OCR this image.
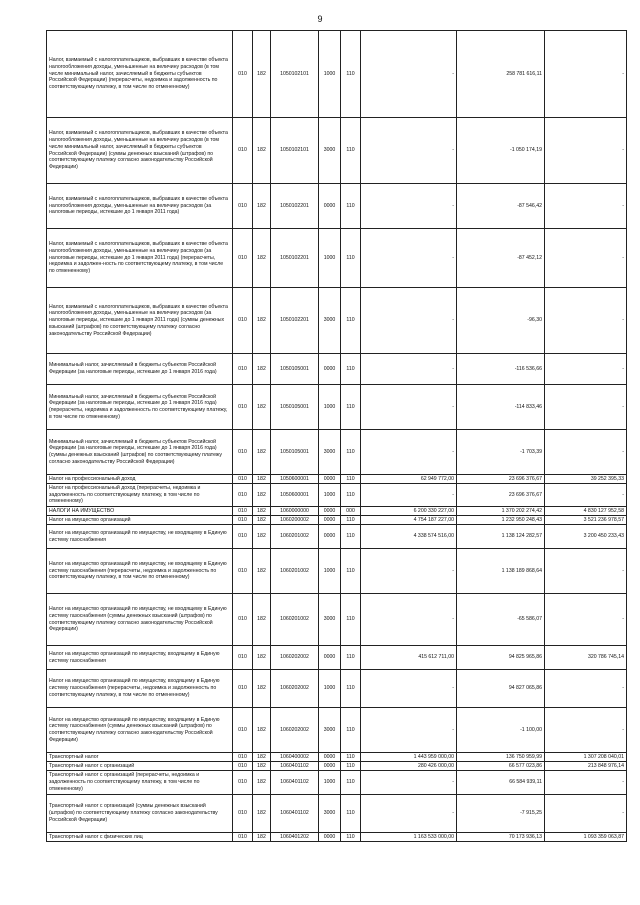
9
Налог, взимаемый с налогоплательщиков, выбравших в качестве объекта налогообложения доходы, уменьшенные на величину расходов (в том числе минимальный налог, зачисляемый в бюджеты субъектов Российской Федерации) (перерасчеты, недоимка и задолженность по соответствующему платежу, в том числе по отмененному)	010	182	1050102101	1000	110	-	258 781 616,11	-
Налог, взимаемый с налогоплательщиков, выбравших в качестве объекта налогообложения доходы, уменьшенные на величину расходов (в том числе минимальный налог, зачисляемый в бюджеты субъектов Российской Федерации) (суммы денежных взысканий (штрафов) по соответствующему платежу согласно законодательству Российской Федерации)	010	182	1050102101	3000	110	-	-1 050 174,19	-
Налог, взимаемый с налогоплательщиков, выбравших в качестве объекта налогообложения доходы, уменьшенные на величину расходов (за налоговые периоды, истекшие до 1 января 2011 года)	010	182	1050102201	0000	110	-	-87 546,42	-
Налог, взимаемый с налогоплательщиков, выбравших в качестве объекта налогообложения доходы, уменьшенные на величину расходов (за налоговые периоды, истекшие до 1 января 2011 года) (перерасчеты, недоимка и задолжен-ность по соответствующему платежу, в том числе по отмененному)	010	182	1050102201	1000	110	-	-87 452,12	-
Налог, взимаемый с налогоплательщиков, выбравших в качестве объекта налогообложения доходы, уменьшенные на величину расходов (за налоговые периоды, истекшие до 1 января 2011 года) (суммы денежных взысканий (штрафов) по соответствующему платежу согласно законодательству Российской Федерации)	010	182	1050102201	3000	110	-	-96,30	-
Минимальный налог, зачисляемый в бюджеты субъектов Российской Федерации (за налоговые периоды, истекшие до 1 января 2016 года)	010	182	1050105001	0000	110	-	-116 536,66	-
Минимальный налог, зачисляемый в бюджеты субъектов Российской Федерации (за налоговые периоды, истекшие до 1 января 2016 года) (перерасчеты, недоимка и задолженность по соответствующему платежу, в том числе по отмененному)	010	182	1050105001	1000	110	-	-114 833,46	-
Минимальный налог, зачисляемый в бюджеты субъектов Российской Федерации (за налоговые периоды, истекшие до 1 января 2016 года) (суммы денежных взысканий (штрафов) по соответствующему платежу согласно законодательству Российской Федерации)	010	182	1050105001	3000	110	-	-1 703,39	-
Налог на профессиональный доход	010	182	1050600001	0000	110	62 949 772,00	23 696 376,67	39 252 395,33
Налог на профессиональный доход (перерасчеты, недоимка и задолженность по соответствующему платежу, в том числе по отмененному)	010	182	1050600001	1000	110	-	23 696 376,67	-
НАЛОГИ НА ИМУЩЕСТВО	010	182	1060000000	0000	000	6 200 330 227,00	1 370 202 274,42	4 830 127 952,58
Налог на имущество организаций	010	182	1060200002	0000	110	4 754 187 227,00	1 232 950 248,43	3 521 236 978,57
Налог на имущество организаций по имуществу, не входящему в Единую систему газоснабжения	010	182	1060201002	0000	110	4 338 574 516,00	1 138 124 282,57	3 200 450 233,43
Налог на имущество организаций по имуществу, не входящему в Единую систему газоснабжения (перерасчеты, недоимка и задолженность по соответствующему платежу, в том числе по отмененному)	010	182	1060201002	1000	110	-	1 138 189 868,64	-
Налог на имущество организаций по имуществу, не входящему в Единую систему газоснабжения (суммы денежных взысканий (штрафов) по соответствующему платежу согласно законодательству Российской Федерации)	010	182	1060201002	3000	110	-	-65 586,07	-
Налог на имущество организаций по имуществу, входящему в Единую систему газоснабжения	010	182	1060202002	0000	110	415 612 711,00	94 825 965,86	320 786 745,14
Налог на имущество организаций по имуществу, входящему в Единую систему газоснабжения (перерасчеты, недоимка и задолженность по соответствующему платежу, в том числе по отмененному)	010	182	1060202002	1000	110	-	94 827 065,86	-
Налог на имущество организаций по имуществу, входящему в Единую систему газоснабжения (суммы денежных взысканий (штрафов) по соответствующему платежу согласно законодательству Российской Федерации)	010	182	1060202002	3000	110	-	-1 100,00	-
Транспортный налог	010	182	1060400002	0000	110	1 443 959 000,00	136 750 959,99	1 307 208 040,01
Транспортный налог с организаций	010	182	1060401102	0000	110	280 426 000,00	66 577 023,86	213 848 976,14
Транспортный налог с организаций (перерасчеты, недоимка и задолженность по соответствующему платежу, в том числе по отмененному)	010	182	1060401102	1000	110	-	66 584 939,11	-
Транспортный налог с организаций (суммы денежных взысканий (штрафов) по соответствующему платежу согласно законодательству Российской Федерации)	010	182	1060401102	3000	110	-	-7 915,25	-
Транспортный налог с физических лиц	010	182	1060401202	0000	110	1 163 533 000,00	70 173 936,13	1 093 359 063,87
